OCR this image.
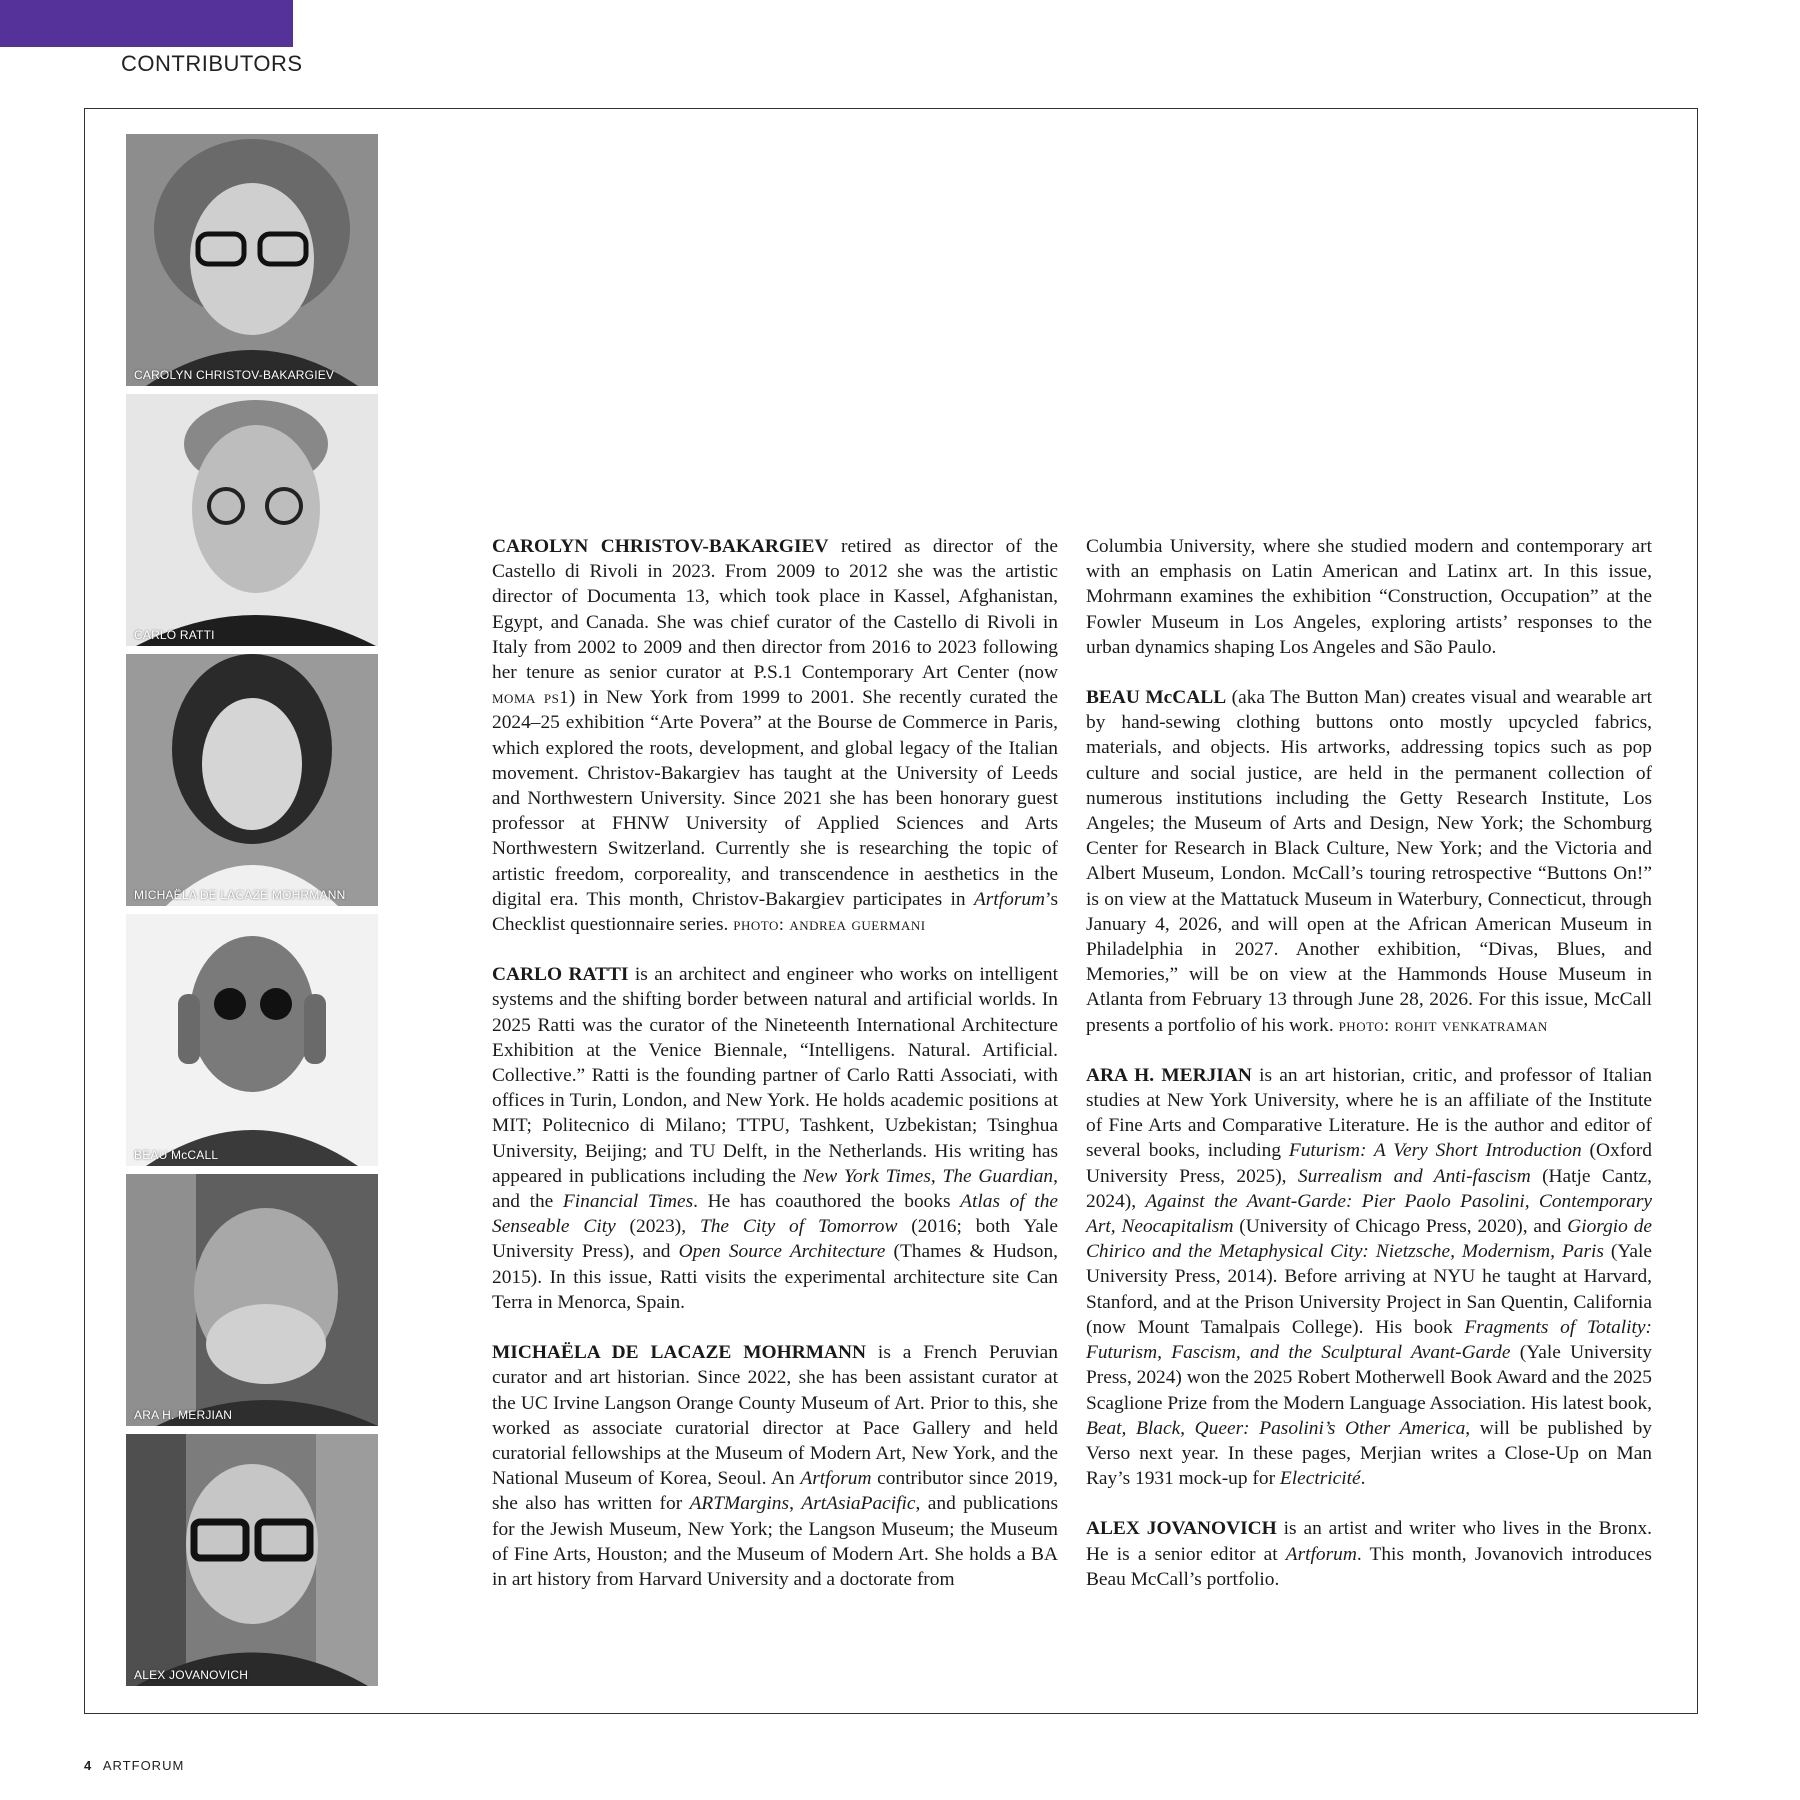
CONTRIBUTORS
CAROLYN CHRISTOV-BAKARGIEV
CARLO RATTI
MICHAËLA DE LACAZE MOHRMANN
BEAU McCALL
ARA H. MERJIAN
ALEX JOVANOVICH

CAROLYN CHRISTOV-BAKARGIEV retired as director of the Castello di Rivoli in 2023. From 2009 to 2012 she was the artistic director of Documenta 13, which took place in Kassel, Afghanistan, Egypt, and Canada. She was chief curator of the Castello di Rivoli in Italy from 2002 to 2009 and then director from 2016 to 2023 following her tenure as senior curator at P.S.1 Contemporary Art Center (now moma ps1) in New York from 1999 to 2001. She recently curated the 2024–25 exhibition “Arte Povera” at the Bourse de Commerce in Paris, which explored the roots, development, and global legacy of the Italian movement. Christov-Bakargiev has taught at the University of Leeds and Northwestern University. Since 2021 she has been honorary guest professor at FHNW University of Applied Sciences and Arts Northwestern Switzerland. Currently she is researching the topic of artistic freedom, corporeality, and transcendence in aesthetics in the digital era. This month, Christov-Bakargiev participates in Artforum’s Checklist questionnaire series. photo: andrea guermani

CARLO RATTI is an architect and engineer who works on intelligent systems and the shifting border between natural and artificial worlds. In 2025 Ratti was the curator of the Nineteenth International Architecture Exhibition at the Venice Biennale, “Intelligens. Natural. Artificial. Collective.” Ratti is the founding partner of Carlo Ratti Associati, with offices in Turin, London, and New York. He holds academic positions at MIT; Politecnico di Milano; TTPU, Tashkent, Uzbekistan; Tsinghua University, Beijing; and TU Delft, in the Netherlands. His writing has appeared in publications including the New York Times, The Guardian, and the Financial Times. He has coauthored the books Atlas of the Senseable City (2023), The City of Tomorrow (2016; both Yale University Press), and Open Source Architecture (Thames & Hudson, 2015). In this issue, Ratti visits the experimental architecture site Can Terra in Menorca, Spain.

MICHAËLA DE LACAZE MOHRMANN is a French Peruvian curator and art historian. Since 2022, she has been assistant curator at the UC Irvine Langson Orange County Museum of Art. Prior to this, she worked as associate curatorial director at Pace Gallery and held curatorial fellowships at the Museum of Modern Art, New York, and the National Museum of Korea, Seoul. An Artforum contributor since 2019, she also has written for ARTMargins, ArtAsiaPacific, and publications for the Jewish Museum, New York; the Langson Museum; the Museum of Fine Arts, Houston; and the Museum of Modern Art. She holds a BA in art history from Harvard University and a doctorate from

Columbia University, where she studied modern and contemporary art with an emphasis on Latin American and Latinx art. In this issue, Mohrmann examines the exhibition “Construction, Occupation” at the Fowler Museum in Los Angeles, exploring artists’ responses to the urban dynamics shaping Los Angeles and São Paulo.

BEAU McCALL (aka The Button Man) creates visual and wearable art by hand-sewing clothing buttons onto mostly upcycled fabrics, materials, and objects. His artworks, addressing topics such as pop culture and social justice, are held in the permanent collection of numerous institutions including the Getty Research Institute, Los Angeles; the Museum of Arts and Design, New York; the Schomburg Center for Research in Black Culture, New York; and the Victoria and Albert Museum, London. McCall’s touring retrospective “Buttons On!” is on view at the Mattatuck Museum in Waterbury, Connecticut, through January 4, 2026, and will open at the African American Museum in Philadelphia in 2027. Another exhibition, “Divas, Blues, and Memories,” will be on view at the Hammonds House Museum in Atlanta from February 13 through June 28, 2026. For this issue, McCall presents a portfolio of his work. photo: rohit venkatraman

ARA H. MERJIAN is an art historian, critic, and professor of Italian studies at New York University, where he is an affiliate of the Institute of Fine Arts and Comparative Literature. He is the author and editor of several books, including Futurism: A Very Short Introduction (Oxford University Press, 2025), Surrealism and Anti-fascism (Hatje Cantz, 2024), Against the Avant-Garde: Pier Paolo Pasolini, Contemporary Art, Neocapitalism (University of Chicago Press, 2020), and Giorgio de Chirico and the Metaphysical City: Nietzsche, Modernism, Paris (Yale University Press, 2014). Before arriving at NYU he taught at Harvard, Stanford, and at the Prison University Project in San Quentin, California (now Mount Tamalpais College). His book Fragments of Totality: Futurism, Fascism, and the Sculptural Avant-Garde (Yale University Press, 2024) won the 2025 Robert Motherwell Book Award and the 2025 Scaglione Prize from the Modern Language Association. His latest book, Beat, Black, Queer: Pasolini’s Other America, will be published by Verso next year. In these pages, Merjian writes a Close-Up on Man Ray’s 1931 mock-up for Electricité.

ALEX JOVANOVICH is an artist and writer who lives in the Bronx. He is a senior editor at Artforum. This month, Jovanovich introduces Beau McCall’s portfolio.

4 ARTFORUM
